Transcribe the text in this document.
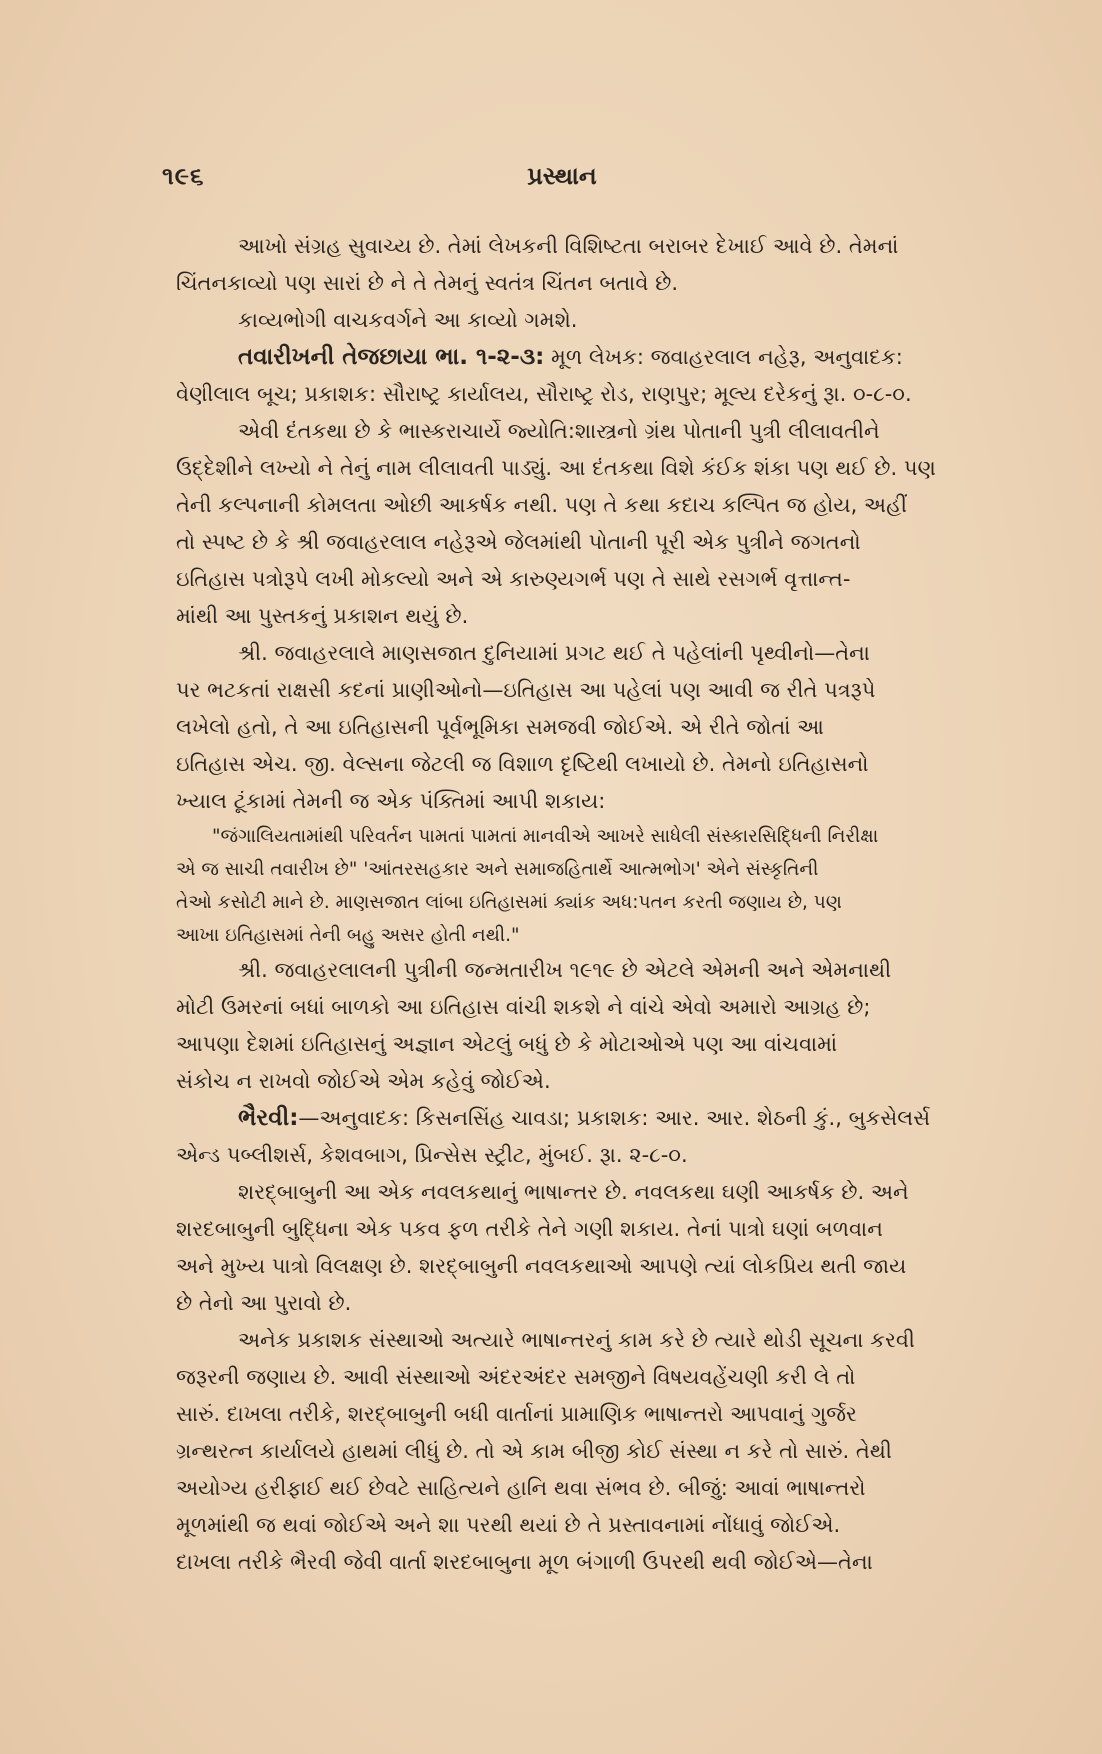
૧૯૬	પ્રસ્થાન
આખો સંગ્રહ સુવાચ્ય છે. તેમાં લેખકની વિશિષ્ટતા બરાબર દેખાઈ આવે છે. તેમનાં
ચિંતનકાવ્યો પણ સારાં છે ને તે તેમનું સ્વતંત્ર ચિંતન બતાવે છે.
કાવ્યભોગી વાચકવર્ગને આ કાવ્યો ગમશે.
તવારીખની તેજછાયા ભા. ૧-૨-૩: મૂળ લેખક: જવાહરલાલ નહેરૂ, અનુવાદક:
વેણીલાલ બૂચ; પ્રકાશક: સૌરાષ્ટ્ર કાર્યાલય, સૌરાષ્ટ્ર રોડ, રાણપુર; મૂલ્ય દરેકનું રૂા. ૦-૮-૦.
એવી દંતકથા છે કે ભાસ્કરાચાર્યે જ્યોતિ:શાસ્ત્રનો ગ્રંથ પોતાની પુત્રી લીલાવતીને
ઉદ્દેશીને લખ્યો ને તેનું નામ લીલાવતી પાડ્યું. આ દંતકથા વિશે કંઈક શંકા પણ થઈ છે. પણ
તેની કલ્પનાની કોમલતા ઓછી આકર્ષક નથી. પણ તે કથા કદાચ કલ્પિત જ હોય, અહીં
તો સ્પષ્ટ છે કે શ્રી જવાહરલાલ નહેરૂએ જેલમાંથી પોતાની પૂરી એક પુત્રીને જગતનો
ઇતિહાસ પત્રોરૂપે લખી મોકલ્યો અને એ કારુણ્યગર્ભ પણ તે સાથે રસગર્ભ વૃત્તાન્ત-
માંથી આ પુસ્તકનું પ્રકાશન થયું છે.
શ્રી. જવાહરલાલે માણસજાત દુનિયામાં પ્રગટ થઈ તે પહેલાંની પૃથ્વીનો—તેના
પર ભટકતાં રાક્ષસી કદનાં પ્રાણીઓનો—ઇતિહાસ આ પહેલાં પણ આવી જ રીતે પત્રરૂપે
લખેલો હતો, તે આ ઇતિહાસની પૂર્વભૂમિકા સમજવી જોઈએ. એ રીતે જોતાં આ
ઇતિહાસ એચ. જી. વેલ્સના જેટલી જ વિશાળ દૃષ્ટિથી લખાયો છે. તેમનો ઇતિહાસનો
ખ્યાલ ટૂંકામાં તેમની જ એક પંક્તિમાં આપી શકાય:
"જંગાલિયતામાંથી પરિવર્તન પામતાં પામતાં માનવીએ આખરે સાધેલી સંસ્કારસિદ્ધિની નિરીક્ષા
એ જ સાચી તવારીખ છે" 'આંતરસહકાર અને સમાજહિતાર્થે આત્મભોગ' એને સંસ્કૃતિની
તેઓ કસોટી માને છે. માણસજાત લાંબા ઇતિહાસમાં ક્યાંક અધ:પતન કરતી જણાય છે, પણ
આખા ઇતિહાસમાં તેની બહુ અસર હોતી નથી."
શ્રી. જવાહરલાલની પુત્રીની જન્મતારીખ ૧૯૧૯ છે એટલે એમની અને એમનાથી
મોટી ઉમરનાં બધાં બાળકો આ ઇતિહાસ વાંચી શકશે ને વાંચે એવો અમારો આગ્રહ છે;
આપણા દેશમાં ઇતિહાસનું અજ્ઞાન એટલું બધું છે કે મોટાઓએ પણ આ વાંચવામાં
સંકોચ ન રાખવો જોઈએ એમ કહેવું જોઈએ.
ભૈરવી:—અનુવાદક: કિસનસિંહ ચાવડા; પ્રકાશક: આર. આર. શેઠની કું., બુકસેલર્સ
એન્ડ પબ્લીશર્સ, કેશવબાગ, પ્રિન્સેસ સ્ટ્રીટ, મુંબઈ. રૂા. ૨-૮-૦.
શરદ્બાબુની આ એક નવલકથાનું ભાષાન્તર છે. નવલકથા ઘણી આકર્ષક છે. અને
શરદબાબુની બુદ્ધિના એક પકવ ફળ તરીકે તેને ગણી શકાય. તેનાં પાત્રો ઘણાં બળવાન
અને મુખ્ય પાત્રો વિલક્ષણ છે. શરદ્બાબુની નવલકથાઓ આપણે ત્યાં લોકપ્રિય થતી જાય
છે તેનો આ પુરાવો છે.
અનેક પ્રકાશક સંસ્થાઓ અત્યારે ભાષાન્તરનું કામ કરે છે ત્યારે થોડી સૂચના કરવી
જરૂરની જણાય છે. આવી સંસ્થાઓ અંદરઅંદર સમજીને વિષયવહેંચણી કરી લે તો
સારું. દાખલા તરીકે, શરદ્બાબુની બધી વાર્તાનાં પ્રામાણિક ભાષાન્તરો આપવાનું ગુર્જર
ગ્રન્થરત્ન કાર્યાલયે હાથમાં લીધું છે. તો એ કામ બીજી કોઈ સંસ્થા ન કરે તો સારું. તેથી
અયોગ્ય હરીફાઈ થઈ છેવટે સાહિત્યને હાનિ થવા સંભવ છે. બીજું: આવાં ભાષાન્તરો
મૂળમાંથી જ થવાં જોઈએ અને શા પરથી થયાં છે તે પ્રસ્તાવનામાં નોંધાવું જોઈએ.
દાખલા તરીકે ભૈરવી જેવી વાર્તા શરદબાબુના મૂળ બંગાળી ઉપરથી થવી જોઈએ—તેના
